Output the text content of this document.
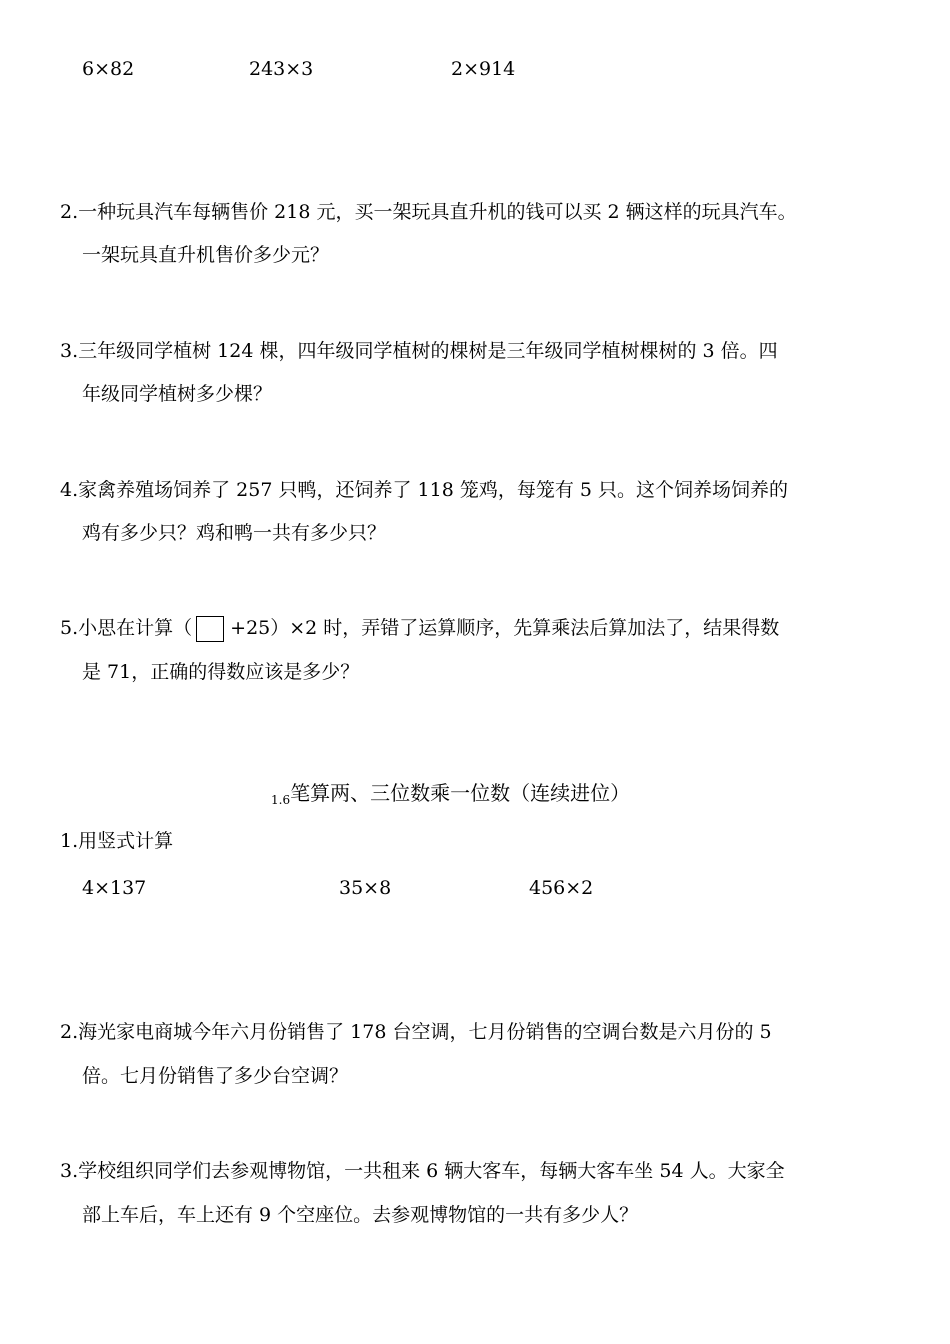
6×82	243×3	2×914
2.一种玩具汽车每辆售价 218 元，买一架玩具直升机的钱可以买 2 辆这样的玩具汽车。
一架玩具直升机售价多少元？
3.三年级同学植树 124 棵，四年级同学植树的棵树是三年级同学植树棵树的 3 倍。四
年级同学植树多少棵？
4.家禽养殖场饲养了 257 只鸭，还饲养了 118 笼鸡，每笼有 5 只。这个饲养场饲养的
鸡有多少只？鸡和鸭一共有多少只？
5.小思在计算（ +25）×2 时，弄错了运算顺序，先算乘法后算加法了，结果得数
是 71，正确的得数应该是多少？
$_{1.6}$笔算两、三位数乘一位数（连续进位）
1.用竖式计算
4×137	35×8	456×2
2.海光家电商城今年六月份销售了 178 台空调，七月份销售的空调台数是六月份的 5
倍。七月份销售了多少台空调？
3.学校组织同学们去参观博物馆，一共租来 6 辆大客车，每辆大客车坐 54 人。大家全
部上车后，车上还有 9 个空座位。去参观博物馆的一共有多少人？
